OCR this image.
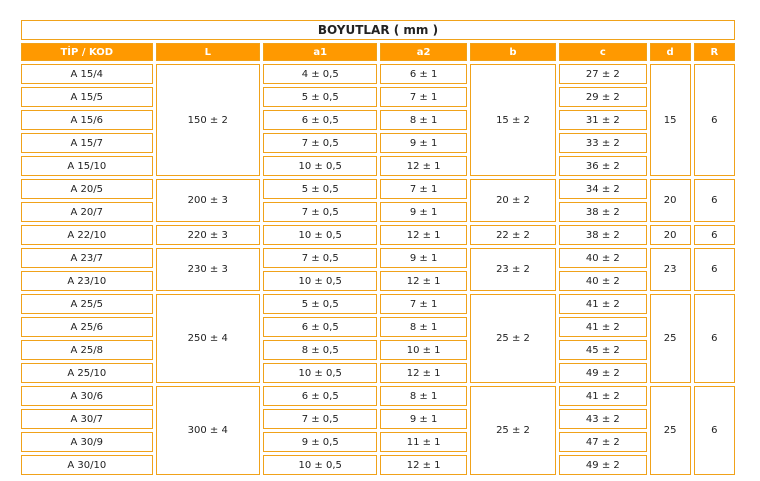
BOYUTLAR ( mm )							
TİP / KOD	L	a1	a2	b	c	d	R
A 15/4	150 ± 2	4 ± 0,5	6 ± 1	15 ± 2	27 ± 2	15	6
A 15/5		5 ± 0,5	7 ± 1		29 ± 2		
A 15/6		6 ± 0,5	8 ± 1		31 ± 2		
A 15/7		7 ± 0,5	9 ± 1		33 ± 2		
A 15/10		10 ± 0,5	12 ± 1		36 ± 2		
A 20/5	200 ± 3	5 ± 0,5	7 ± 1	20 ± 2	34 ± 2	20	6
A 20/7		7 ± 0,5	9 ± 1		38 ± 2		
A 22/10	220 ± 3	10 ± 0,5	12 ± 1	22 ± 2	38 ± 2	20	6
A 23/7	230 ± 3	7 ± 0,5	9 ± 1	23 ± 2	40 ± 2	23	6
A 23/10		10 ± 0,5	12 ± 1		40 ± 2		
A 25/5	250 ± 4	5 ± 0,5	7 ± 1	25 ± 2	41 ± 2	25	6
A 25/6		6 ± 0,5	8 ± 1		41 ± 2		
A 25/8		8 ± 0,5	10 ± 1		45 ± 2		
A 25/10		10 ± 0,5	12 ± 1		49 ± 2		
A 30/6	300 ± 4	6 ± 0,5	8 ± 1	25 ± 2	41 ± 2	25	6
A 30/7		7 ± 0,5	9 ± 1		43 ± 2		
A 30/9		9 ± 0,5	11 ± 1		47 ± 2		
A 30/10		10 ± 0,5	12 ± 1		49 ± 2		
